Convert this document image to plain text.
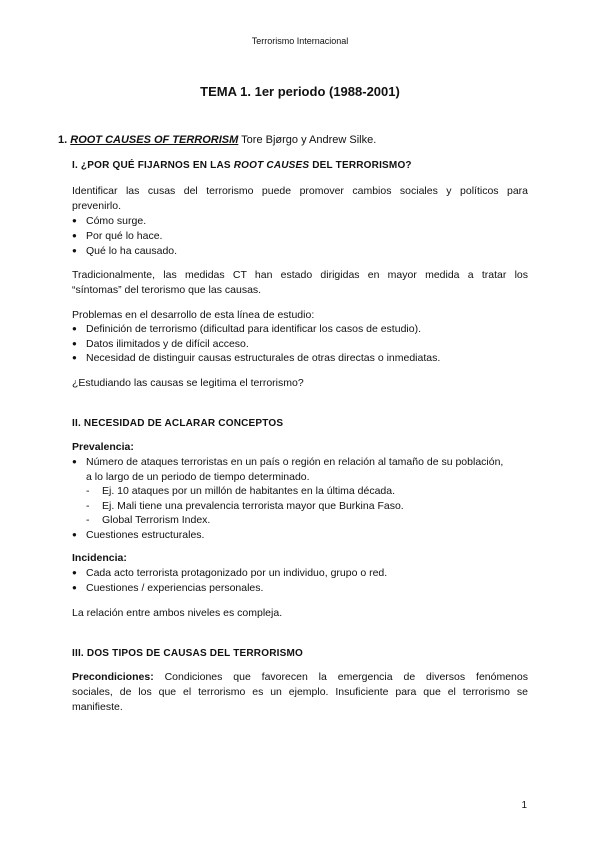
Terrorismo Internacional
TEMA 1. 1er periodo (1988-2001)
1. ROOT CAUSES OF TERRORISM Tore Bjørgo y Andrew Silke.
I. ¿POR QUÉ FIJARNOS EN LAS ROOT CAUSES DEL TERRORISMO?
Identificar las cusas del terrorismo puede promover cambios sociales y políticos para
prevenirlo.
● Cómo surge.
● Por qué lo hace.
● Qué lo ha causado.
Tradicionalmente, las medidas CT han estado dirigidas en mayor medida a tratar los
“síntomas” del terorismo que las causas.
Problemas en el desarrollo de esta línea de estudio:
● Definición de terrorismo (dificultad para identificar los casos de estudio).
● Datos ilimitados y de difícil acceso.
● Necesidad de distinguir causas estructurales de otras directas o inmediatas.
¿Estudiando las causas se legitima el terrorismo?
II. NECESIDAD DE ACLARAR CONCEPTOS
Prevalencia:
● Número de ataques terroristas en un país o región en relación al tamaño de su población,
a lo largo de un periodo de tiempo determinado.
- Ej. 10 ataques por un millón de habitantes en la última década.
- Ej. Mali tiene una prevalencia terrorista mayor que Burkina Faso.
- Global Terrorism Index.
● Cuestiones estructurales.
Incidencia:
● Cada acto terrorista protagonizado por un individuo, grupo o red.
● Cuestiones / experiencias personales.
La relación entre ambos niveles es compleja.
III. DOS TIPOS DE CAUSAS DEL TERRORISMO
Precondiciones: Condiciones que favorecen la emergencia de diversos fenómenos
sociales, de los que el terrorismo es un ejemplo. Insuficiente para que el terrorismo se
manifieste.
1
